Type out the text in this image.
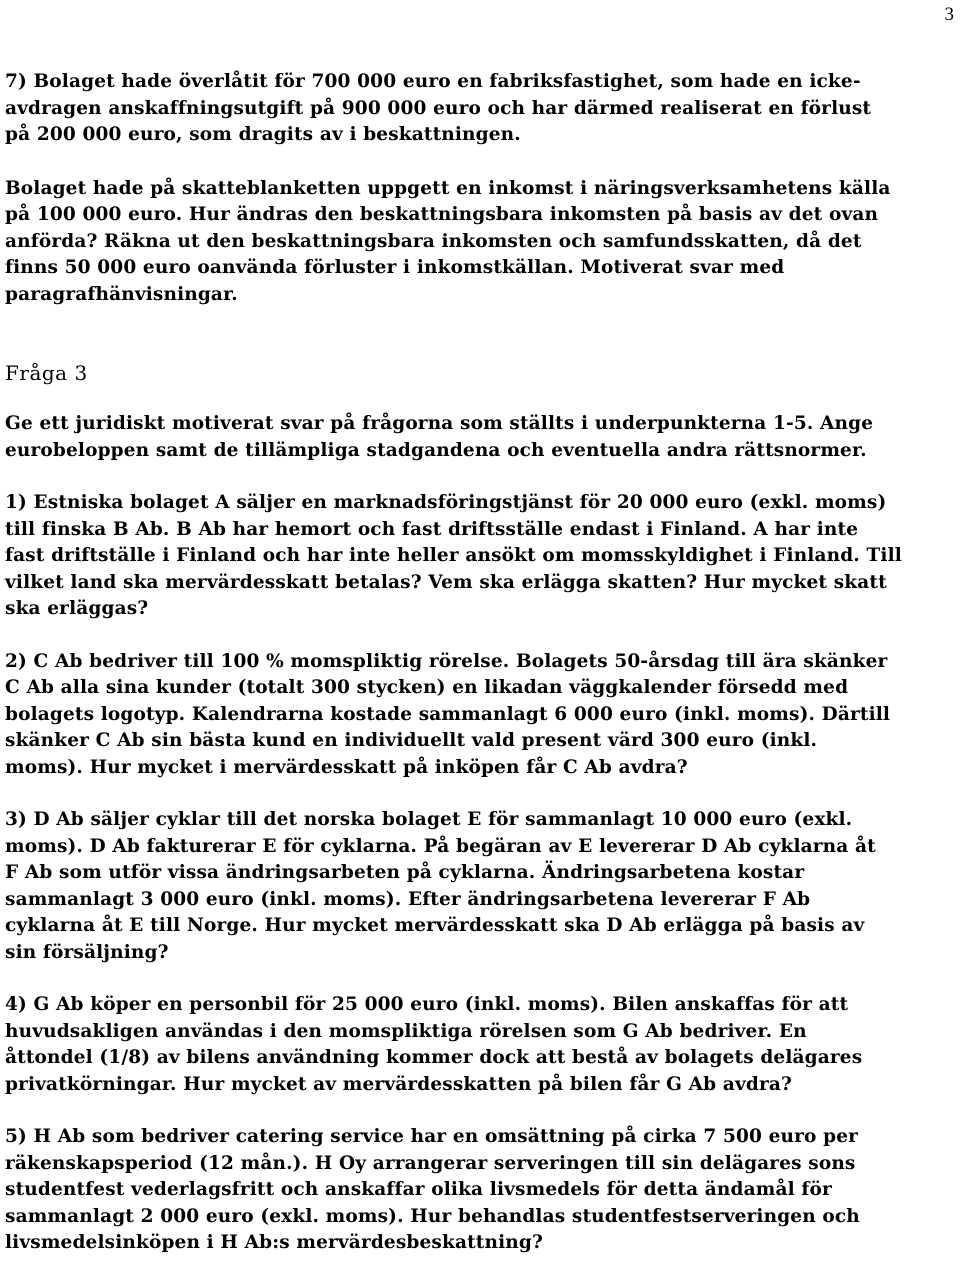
3

7) Bolaget hade överlåtit för 700 000 euro en fabriksfastighet, som hade en icke-
avdragen anskaffningsutgift på 900 000 euro och har därmed realiserat en förlust
på 200 000 euro, som dragits av i beskattningen.

Bolaget hade på skatteblanketten uppgett en inkomst i näringsverksamhetens källa
på 100 000 euro. Hur ändras den beskattningsbara inkomsten på basis av det ovan
anförda? Räkna ut den beskattningsbara inkomsten och samfundsskatten, då det
finns 50 000 euro oanvända förluster i inkomstkällan. Motiverat svar med
paragrafhänvisningar.

Fråga 3

Ge ett juridiskt motiverat svar på frågorna som ställts i underpunkterna 1-5. Ange
eurobeloppen samt de tillämpliga stadgandena och eventuella andra rättsnormer.

1) Estniska bolaget A säljer en marknadsföringstjänst för 20 000 euro (exkl. moms)
till finska B Ab. B Ab har hemort och fast driftsställe endast i Finland. A har inte
fast driftställe i Finland och har inte heller ansökt om momsskyldighet i Finland. Till
vilket land ska mervärdesskatt betalas? Vem ska erlägga skatten? Hur mycket skatt
ska erläggas?

2) C Ab bedriver till 100 % momspliktig rörelse. Bolagets 50-årsdag till ära skänker
C Ab alla sina kunder (totalt 300 stycken) en likadan väggkalender försedd med
bolagets logotyp. Kalendrarna kostade sammanlagt 6 000 euro (inkl. moms). Därtill
skänker C Ab sin bästa kund en individuellt vald present värd 300 euro (inkl.
moms). Hur mycket i mervärdesskatt på inköpen får C Ab avdra?

3) D Ab säljer cyklar till det norska bolaget E för sammanlagt 10 000 euro (exkl.
moms). D Ab fakturerar E för cyklarna. På begäran av E levererar D Ab cyklarna åt
F Ab som utför vissa ändringsarbeten på cyklarna. Ändringsarbetena kostar
sammanlagt 3 000 euro (inkl. moms). Efter ändringsarbetena levererar F Ab
cyklarna åt E till Norge. Hur mycket mervärdesskatt ska D Ab erlägga på basis av
sin försäljning?

4) G Ab köper en personbil för 25 000 euro (inkl. moms). Bilen anskaffas för att
huvudsakligen användas i den momspliktiga rörelsen som G Ab bedriver. En
åttondel (1/8) av bilens användning kommer dock att bestå av bolagets delägares
privatkörningar. Hur mycket av mervärdesskatten på bilen får G Ab avdra?

5) H Ab som bedriver catering service har en omsättning på cirka 7 500 euro per
räkenskapsperiod (12 mån.). H Oy arrangerar serveringen till sin delägares sons
studentfest vederlagsfritt och anskaffar olika livsmedels för detta ändamål för
sammanlagt 2 000 euro (exkl. moms). Hur behandlas studentfestserveringen och
livsmedelsinköpen i H Ab:s mervärdesbeskattning?
